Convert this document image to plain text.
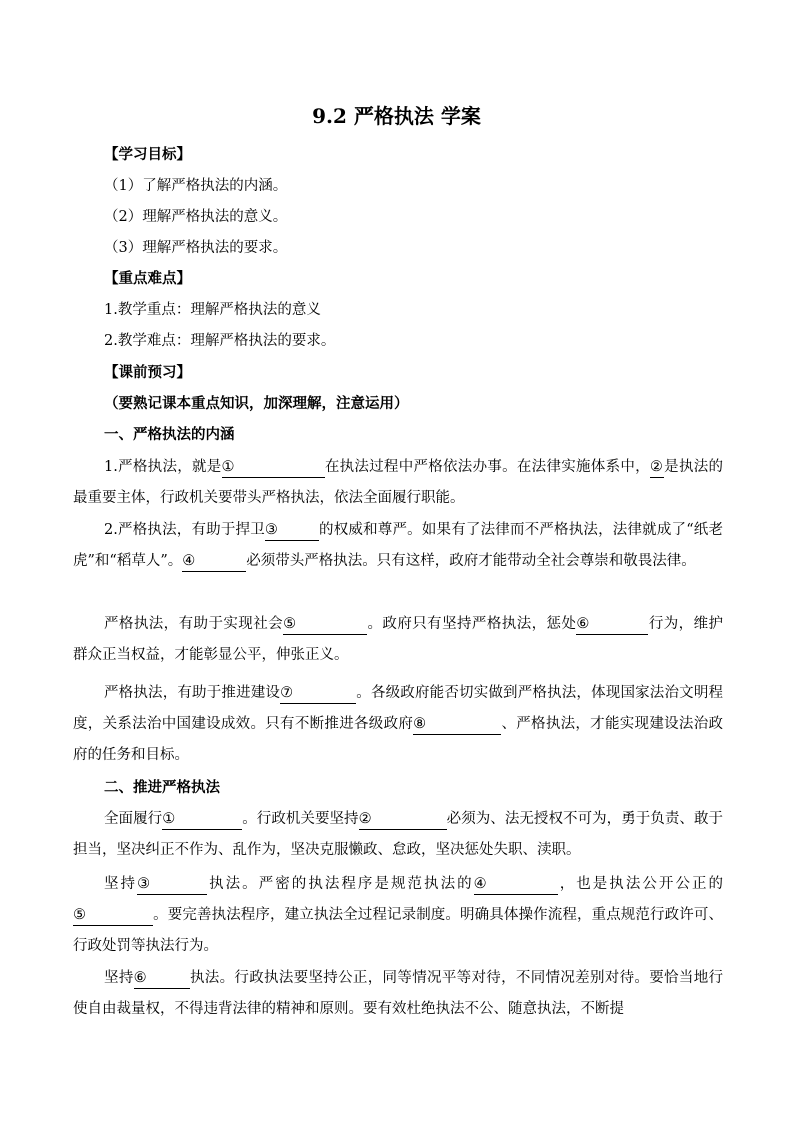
9.2 严格执法 学案
【学习目标】
（1）了解严格执法的内涵。
（2）理解严格执法的意义。
（3）理解严格执法的要求。
【重点难点】
1.教学重点：理解严格执法的意义
2.教学难点：理解严格执法的要求。
【课前预习】
（要熟记课本重点知识，加深理解，注意运用）
一、严格执法的内涵
1.严格执法，就是①	在执法过程中严格依法办事。在法律实施体系中，②是执法的最重要主体，行政机关要带头严格执法，依法全面履行职能。
2.严格执法，有助于捍卫③	的权威和尊严。如果有了法律而不严格执法，法律就成了“纸老虎”和“稻草人”。④	必须带头严格执法。只有这样，政府才能带动全社会尊崇和敬畏法律。
严格执法，有助于实现社会⑤	。政府只有坚持严格执法，惩处⑥	行为，维护群众正当权益，才能彰显公平，伸张正义。
严格执法，有助于推进建设⑦	。各级政府能否切实做到严格执法，体现国家法治文明程度，关系法治中国建设成效。只有不断推进各级政府⑧	、严格执法，才能实现建设法治政府的任务和目标。
二、推进严格执法
全面履行①	。行政机关要坚持②	必须为、法无授权不可为，勇于负责、敢于担当，坚决纠正不作为、乱作为，坚决克服懒政、怠政，坚决惩处失职、渎职。
坚持③	执法。严密的执法程序是规范执法的④	，也是执法公开公正的⑤	。要完善执法程序，建立执法全过程记录制度。明确具体操作流程，重点规范行政许可、行政处罚等执法行为。
坚持⑥	执法。行政执法要坚持公正，同等情况平等对待，不同情况差别对待。要恰当地行使自由裁量权，不得违背法律的精神和原则。要有效杜绝执法不公、随意执法，不断提
